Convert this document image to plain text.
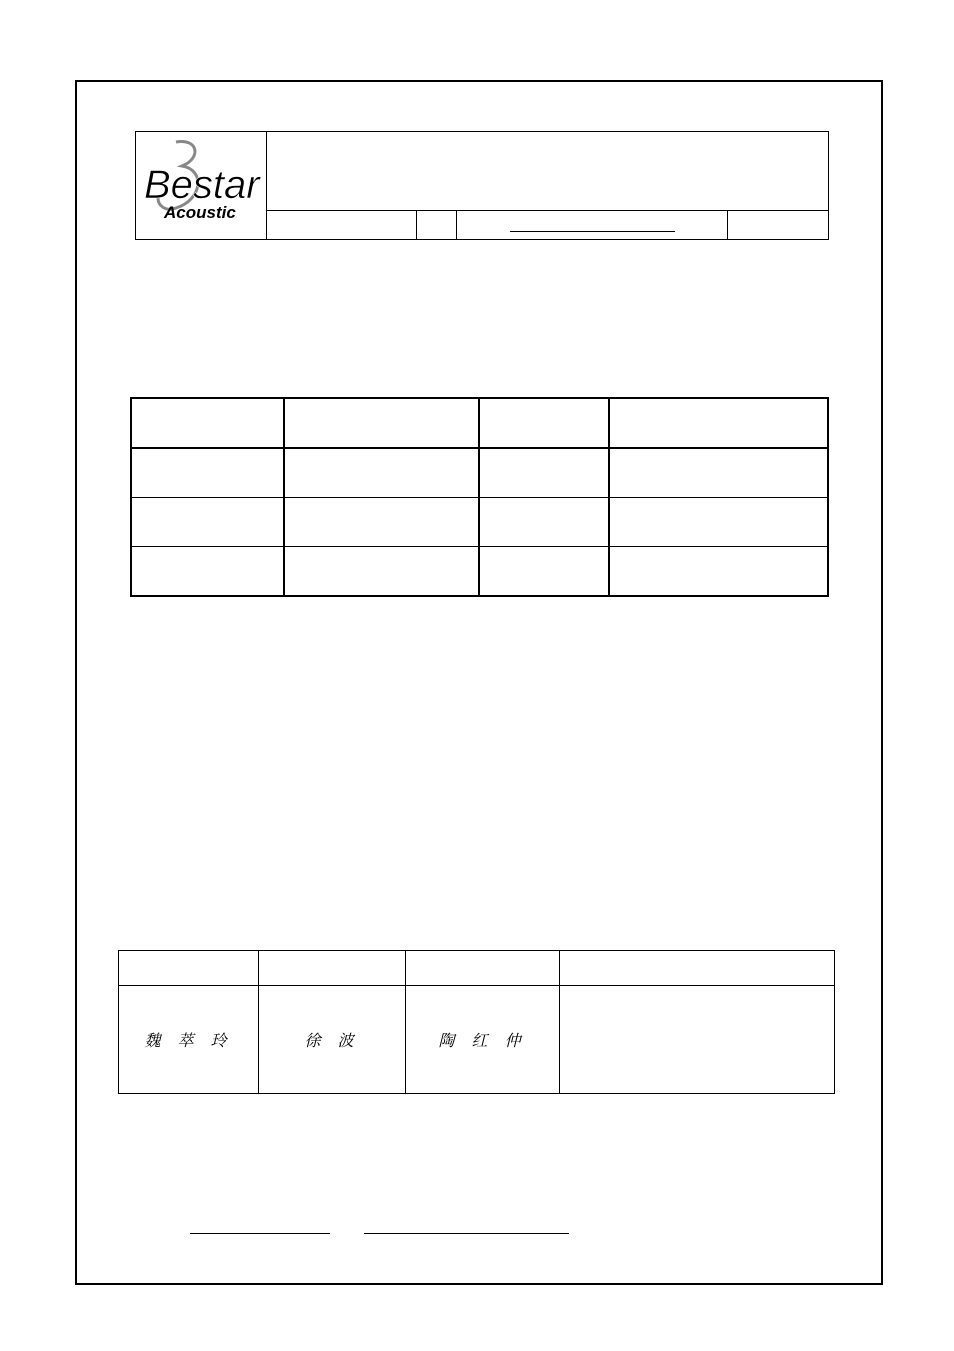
Bestar
Acoustic

魏 萃 玲	徐 波	陶 红 仲	
